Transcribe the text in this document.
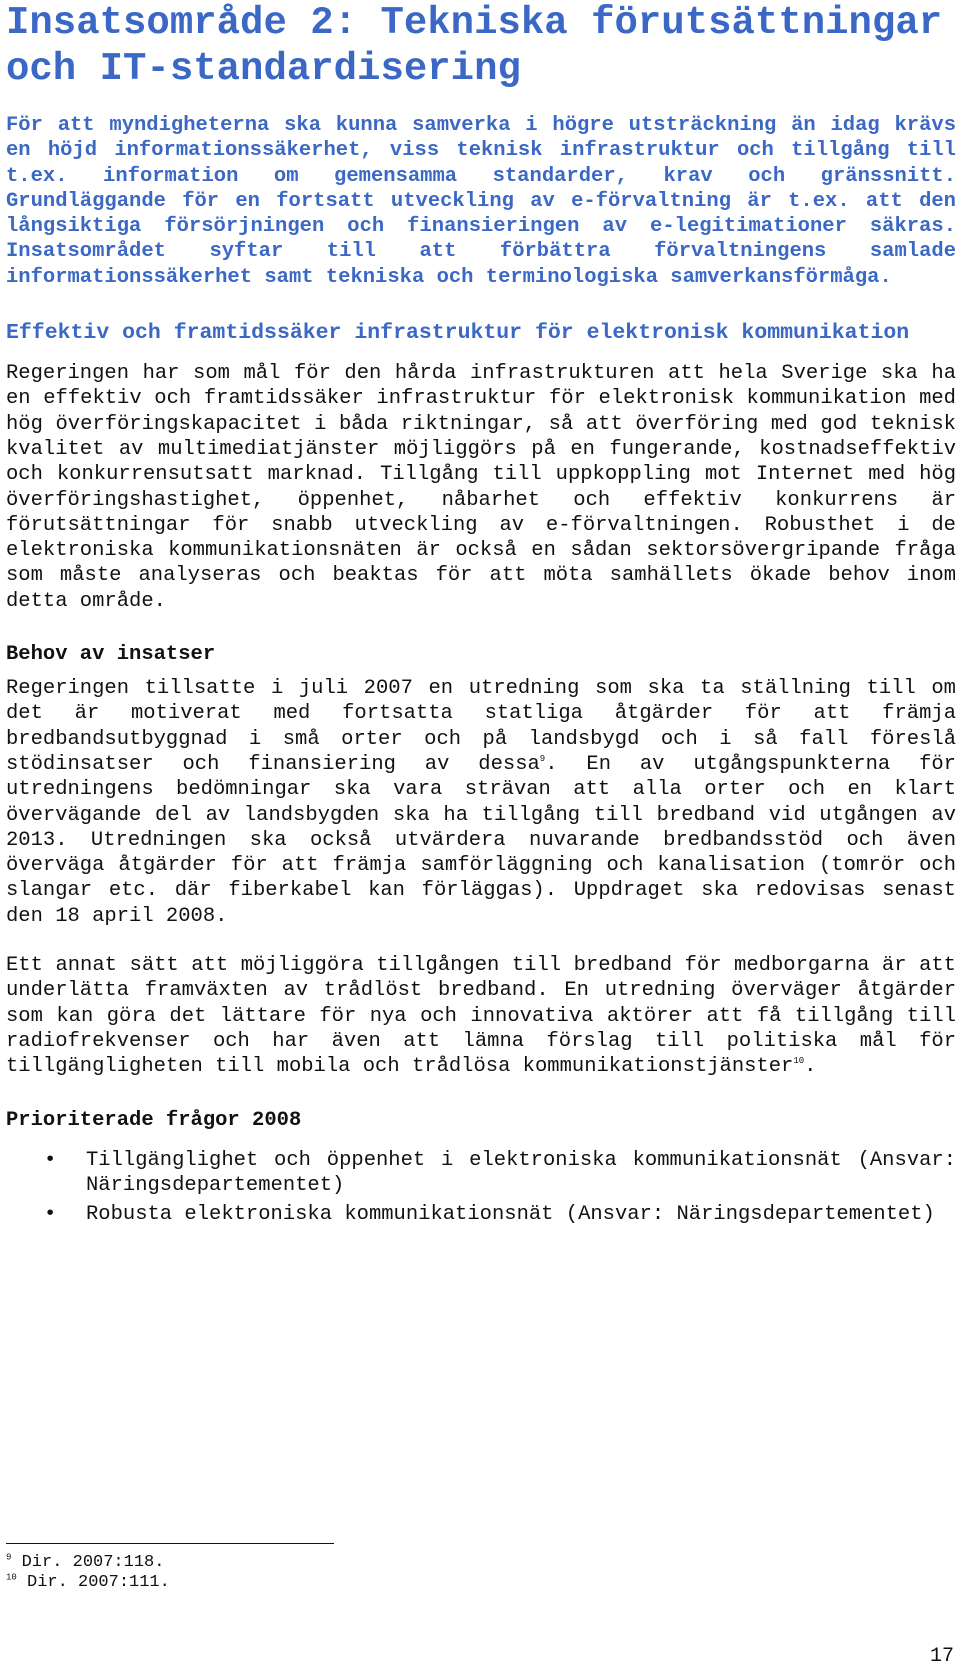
Insatsområde 2: Tekniska förutsättningar och IT-standardisering

För att myndigheterna ska kunna samverka i högre utsträckning än idag krävs en höjd informationssäkerhet, viss teknisk infrastruktur och tillgång till t.ex. information om gemensamma standarder, krav och gränssnitt. Grundläggande för en fortsatt utveckling av e-förvaltning är t.ex. att den långsiktiga försörjningen och finansieringen av e-legitimationer säkras. Insatsområdet syftar till att förbättra förvaltningens samlade informationssäkerhet samt tekniska och terminologiska samverkansförmåga.

Effektiv och framtidssäker infrastruktur för elektronisk kommunikation

Regeringen har som mål för den hårda infrastrukturen att hela Sverige ska ha en effektiv och framtidssäker infrastruktur för elektronisk kommunikation med hög överföringskapacitet i båda riktningar, så att överföring med god teknisk kvalitet av multimediatjänster möjliggörs på en fungerande, kostnadseffektiv och konkurrensutsatt marknad. Tillgång till uppkoppling mot Internet med hög överföringshastighet, öppenhet, nåbarhet och effektiv konkurrens är förutsättningar för snabb utveckling av e-förvaltningen. Robusthet i de elektroniska kommunikationsnäten är också en sådan sektorsövergripande fråga som måste analyseras och beaktas för att möta samhällets ökade behov inom detta område.

Behov av insatser

Regeringen tillsatte i juli 2007 en utredning som ska ta ställning till om det är motiverat med fortsatta statliga åtgärder för att främja bredbandsutbyggnad i små orter och på landsbygd och i så fall föreslå stödinsatser och finansiering av dessa$^9$. En av utgångspunkterna för utredningens bedömningar ska vara strävan att alla orter och en klart övervägande del av landsbygden ska ha tillgång till bredband vid utgången av 2013. Utredningen ska också utvärdera nuvarande bredbandsstöd och även överväga åtgärder för att främja samförläggning och kanalisation (tomrör och slangar etc. där fiberkabel kan förläggas). Uppdraget ska redovisas senast den 18 april 2008.

Ett annat sätt att möjliggöra tillgången till bredband för medborgarna är att underlätta framväxten av trådlöst bredband. En utredning överväger åtgärder som kan göra det lättare för nya och innovativa aktörer att få tillgång till radiofrekvenser och har även att lämna förslag till politiska mål för tillgängligheten till mobila och trådlösa kommunikationstjänster$^{10}$.

Prioriterade frågor 2008
• Tillgänglighet och öppenhet i elektroniska kommunikationsnät (Ansvar: Näringsdepartementet)
• Robusta elektroniska kommunikationsnät (Ansvar: Näringsdepartementet)
$^9$ Dir. 2007:118.
$^{10}$ Dir. 2007:111.
17
